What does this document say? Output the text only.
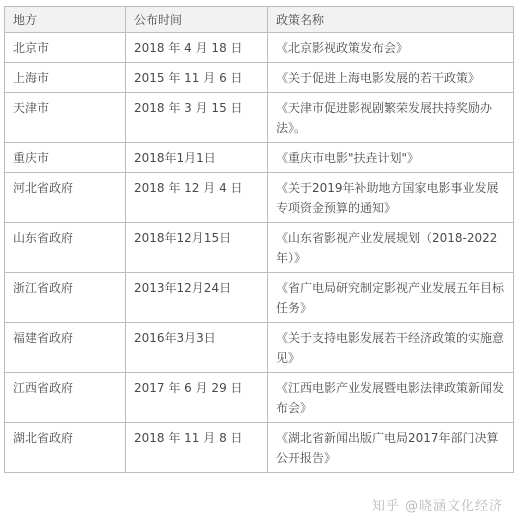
地方	公布时间	政策名称
北京市	2018 年 4 月 18 日	《北京影视政策发布会》
上海市	2015 年 11 月 6 日	《关于促进上海电影发展的若干政策》
天津市	2018 年 3 月 15 日	《天津市促进影视剧繁荣发展扶持奖励办法》。
重庆市	2018年1月1日	《重庆市电影"扶垚计划"》
河北省政府	2018 年 12 月 4 日	《关于2019年补助地方国家电影事业发展专项资金预算的通知》
山东省政府	2018年12月15日	《山东省影视产业发展规划（2018-2022年）》
浙江省政府	2013年12月24日	《省广电局研究制定影视产业发展五年目标任务》
福建省政府	2016年3月3日	《关于支持电影发展若干经济政策的实施意见》
江西省政府	2017 年 6 月 29 日	《江西电影产业发展暨电影法律政策新闻发布会》
湖北省政府	2018 年 11 月 8 日	《湖北省新闻出版广电局2017年部门决算公开报告》
知乎 @晓涵文化经济
